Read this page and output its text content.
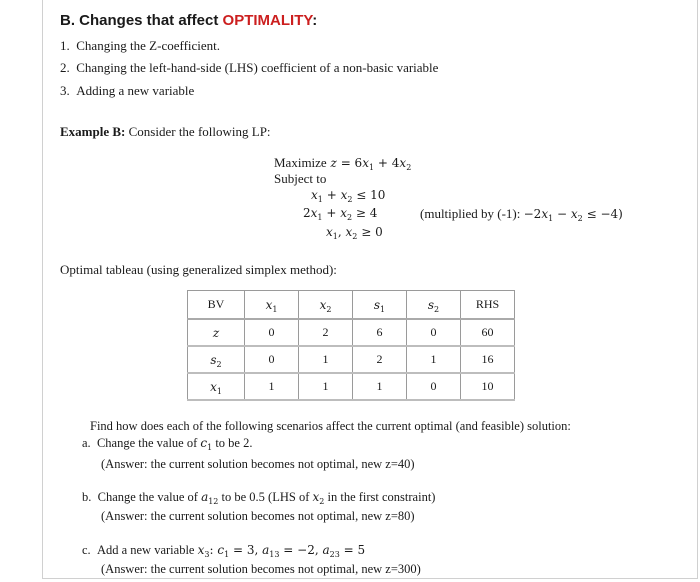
B. Changes that affect OPTIMALITY:
1. Changing the Z-coefficient.
2. Changing the left-hand-side (LHS) coefficient of a non-basic variable
3. Adding a new variable
Example B: Consider the following LP:
Maximize $z = 6x_1 + 4x_2$
Subject to
$x_1 + x_2 \le 10$
$2x_1 + x_2 \ge 4$	(multiplied by (-1): $-2x_1 - x_2 \le -4$)
$x_1$, $x_2 \ge 0$
Optimal tableau (using generalized simplex method):
BV	$x_1$	$x_2$	$s_1$	$s_2$	RHS
z	0	2	6	0	60
$s_2$	0	1	2	1	16
$x_1$	1	1	1	0	10
Find how does each of the following scenarios affect the current optimal (and feasible) solution:
a. Change the value of $c_1$ to be 2.
(Answer: the current solution becomes not optimal, new z=40)
b. Change the value of $a_{12}$ to be 0.5 (LHS of $x_2$ in the first constraint)
(Answer: the current solution becomes not optimal, new z=80)
c. Add a new variable $x_3$: $c_1 = 3$, $a_{13} = -2$, $a_{23} = 5$
(Answer: the current solution becomes not optimal, new z=300)
